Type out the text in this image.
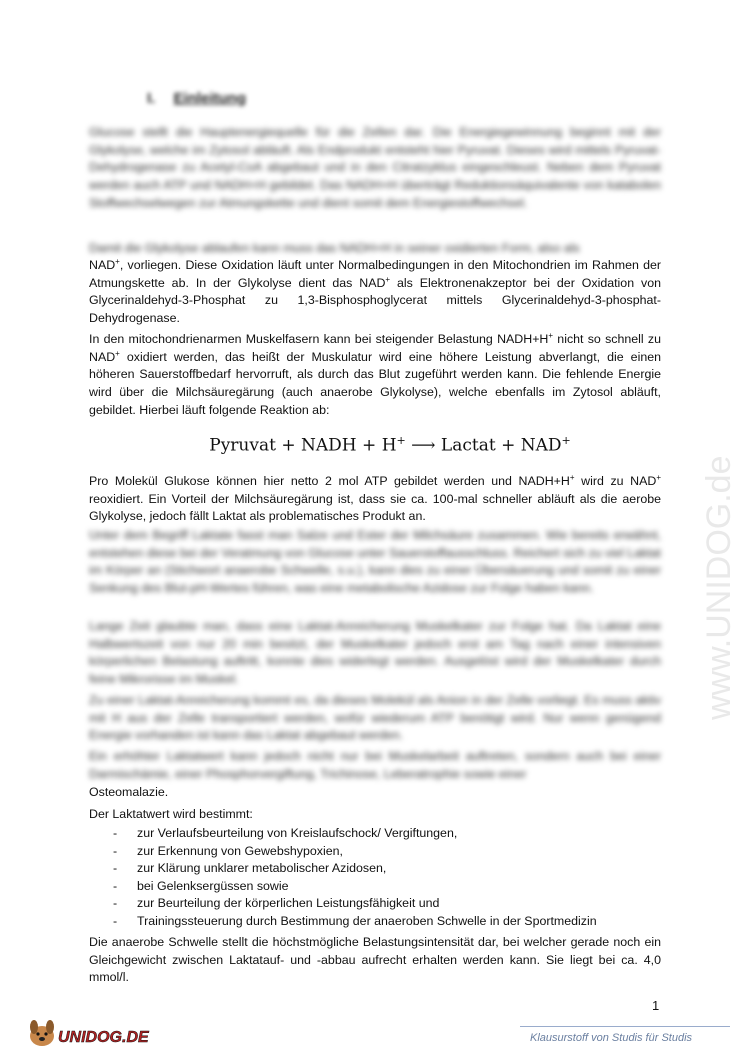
www.UNIDOG.de
I. Einleitung
Glucose stellt die Hauptenergiequelle für die Zellen dar. Die Energiegewinnung beginnt mit der Glykolyse, welche im Zytosol abläuft. Als Endprodukt entsteht hier Pyruvat. Dieses wird mittels Pyruvat-Dehydrogenase zu Acetyl-CoA abgebaut und in den Citratzyklus eingeschleust. Neben dem Pyruvat werden auch ATP und NADH+H gebildet. Das NADH+H überträgt Reduktionsäquivalente von katabolen Stoffwechselwegen zur Atmungskette und dient somit dem Energiestoffwechsel.
Damit die Glykolyse ablaufen kann muss das NADH+H in seiner oxidierten Form, also als
NAD+, vorliegen. Diese Oxidation läuft unter Normalbedingungen in den Mitochondrien im Rahmen der Atmungskette ab. In der Glykolyse dient das NAD+ als Elektronenakzeptor bei der Oxidation von Glycerinaldehyd-3-Phosphat zu 1,3-Bisphosphoglycerat mittels Glycerinaldehyd-3-phosphat-Dehydrogenase.
In den mitochondrienarmen Muskelfasern kann bei steigender Belastung NADH+H+ nicht so schnell zu NAD+ oxidiert werden, das heißt der Muskulatur wird eine höhere Leistung abverlangt, die einen höheren Sauerstoffbedarf hervorruft, als durch das Blut zugeführt werden kann. Die fehlende Energie wird über die Milchsäuregärung (auch anaerobe Glykolyse), welche ebenfalls im Zytosol abläuft, gebildet. Hierbei läuft folgende Reaktion ab:
Pyruvat + NADH + H+ ⟶ Lactat + NAD+
Pro Molekül Glukose können hier netto 2 mol ATP gebildet werden und NADH+H+ wird zu NAD+ reoxidiert. Ein Vorteil der Milchsäuregärung ist, dass sie ca. 100-mal schneller abläuft als die aerobe Glykolyse, jedoch fällt Laktat als problematisches Produkt an.
Unter dem Begriff Laktate fasst man Salze und Ester der Milchsäure zusammen. Wie bereits erwähnt, entstehen diese bei der Veratmung von Glucose unter Sauerstoffausschluss. Reichert sich zu viel Laktat im Körper an (Stichwort anaerobe Schwelle, s.u.), kann dies zu einer Übersäuerung und somit zu einer Senkung des Blut-pH-Wertes führen, was eine metabolische Azidose zur Folge haben kann.
Lange Zeit glaubte man, dass eine Laktat-Anreicherung Muskelkater zur Folge hat. Da Laktat eine Halbwertszeit von nur 20 min besitzt, der Muskelkater jedoch erst am Tag nach einer intensiven körperlichen Belastung auftritt, konnte dies widerlegt werden. Ausgelöst wird der Muskelkater durch feine Mikrorisse im Muskel.
Zu einer Laktat-Anreicherung kommt es, da dieses Molekül als Anion in der Zelle vorliegt. Es muss aktiv mit H aus der Zelle transportiert werden, wofür wiederum ATP benötigt wird. Nur wenn genügend Energie vorhanden ist kann das Laktat abgebaut werden.
Ein erhöhter Laktatwert kann jedoch nicht nur bei Muskelarbeit auftreten, sondern auch bei einer Darmischämie, einer Phosphorvergiftung, Trichinose, Leberatrophie sowie einer
Osteomalazie.
Der Laktatwert wird bestimmt:
- zur Verlaufsbeurteilung von Kreislaufschock/ Vergiftungen,
- zur Erkennung von Gewebshypoxien,
- zur Klärung unklarer metabolischer Azidosen,
- bei Gelenksergüssen sowie
- zur Beurteilung der körperlichen Leistungsfähigkeit und
- Trainingssteuerung durch Bestimmung der anaeroben Schwelle in der Sportmedizin
Die anaerobe Schwelle stellt die höchstmögliche Belastungsintensität dar, bei welcher gerade noch ein Gleichgewicht zwischen Laktatauf- und -abbau aufrecht erhalten werden kann. Sie liegt bei ca. 4,0 mmol/l.
1
UNIDOG.DE	Klausurstoff von Studis für Studis
